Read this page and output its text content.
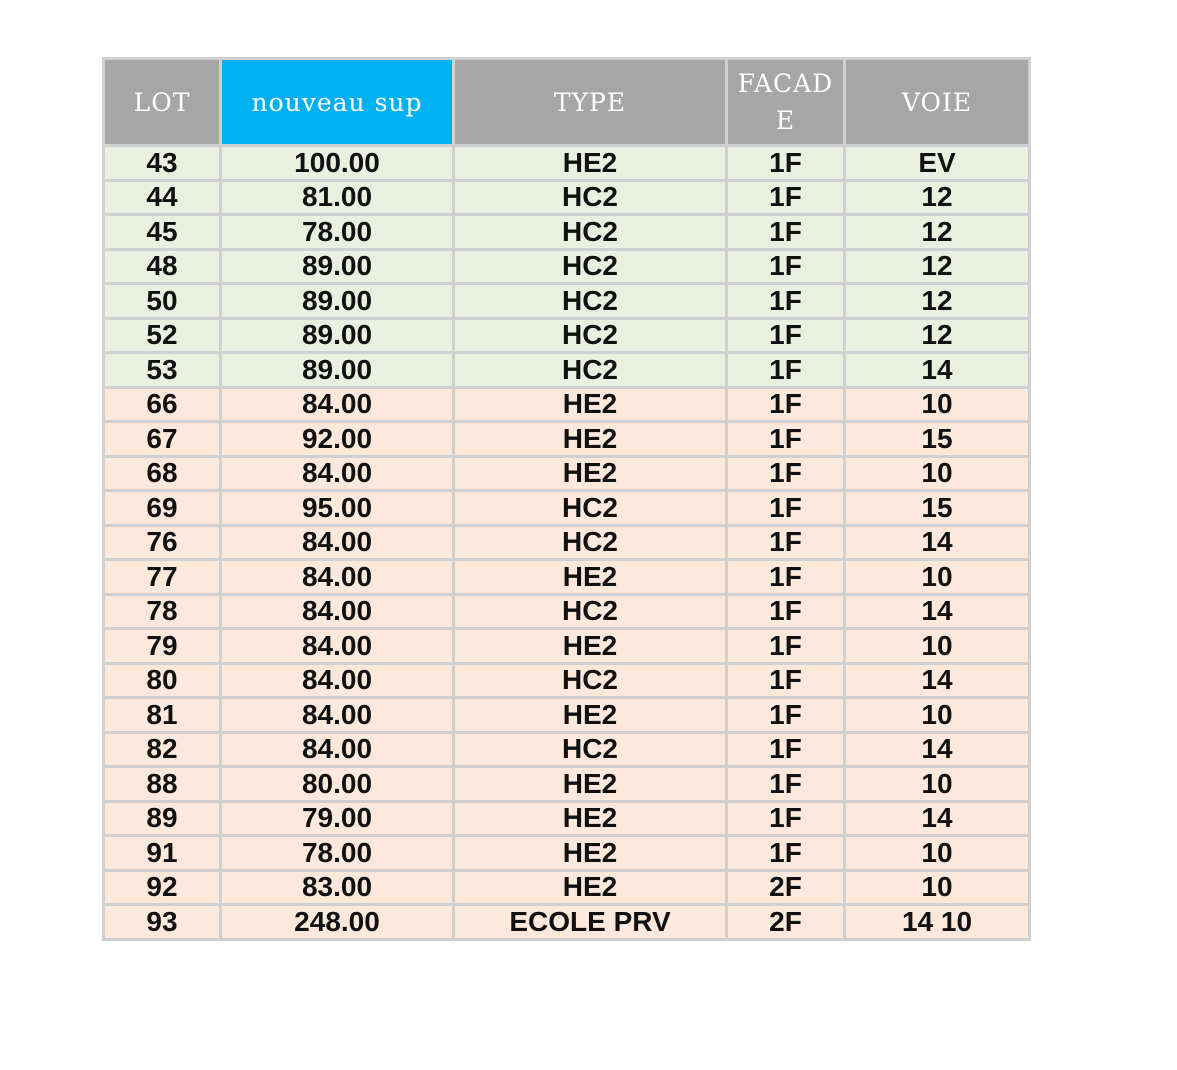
LOT	nouveau sup	TYPE	FACADE	VOIE
43	100.00	HE2	1F	EV
44	81.00	HC2	1F	12
45	78.00	HC2	1F	12
48	89.00	HC2	1F	12
50	89.00	HC2	1F	12
52	89.00	HC2	1F	12
53	89.00	HC2	1F	14
66	84.00	HE2	1F	10
67	92.00	HE2	1F	15
68	84.00	HE2	1F	10
69	95.00	HC2	1F	15
76	84.00	HC2	1F	14
77	84.00	HE2	1F	10
78	84.00	HC2	1F	14
79	84.00	HE2	1F	10
80	84.00	HC2	1F	14
81	84.00	HE2	1F	10
82	84.00	HC2	1F	14
88	80.00	HE2	1F	10
89	79.00	HE2	1F	14
91	78.00	HE2	1F	10
92	83.00	HE2	2F	10
93	248.00	ECOLE PRV	2F	14 10
